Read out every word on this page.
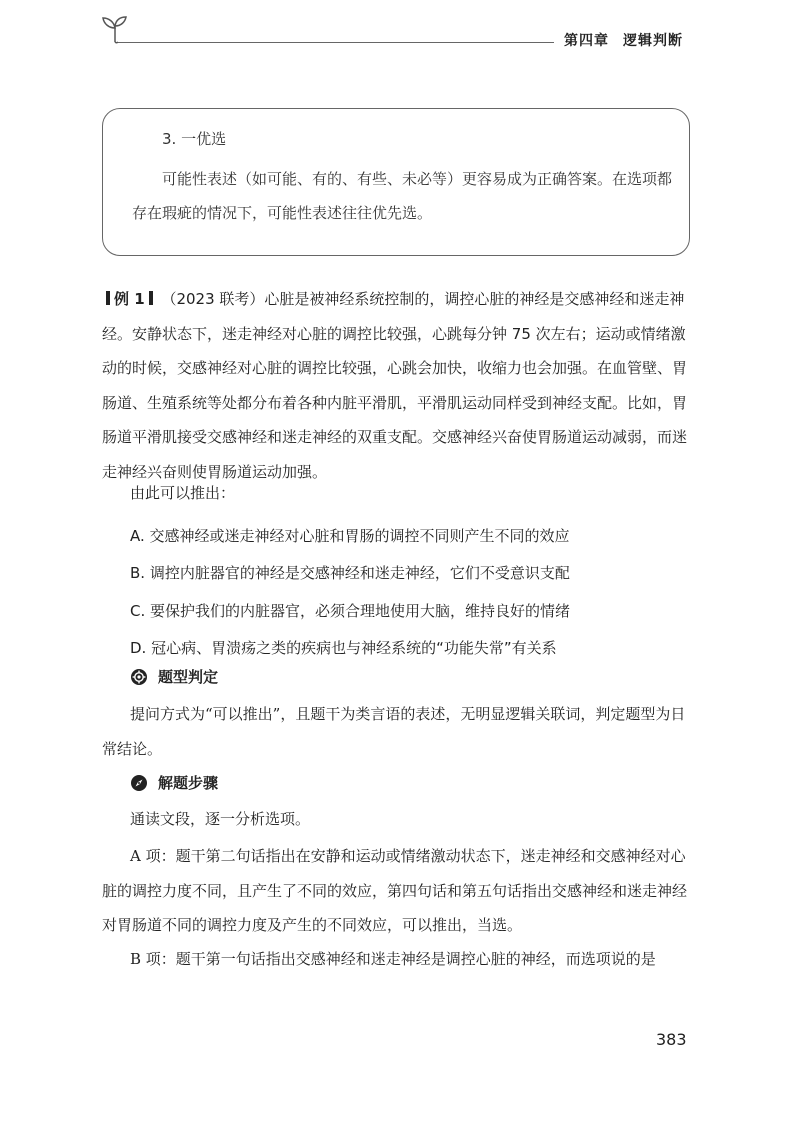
第四章 逻辑判断
3. 一优选

可能性表述（如可能、有的、有些、未必等）更容易成为正确答案。在选项都存在瑕疵的情况下，可能性表述往往优先选。

例 1 （2023 联考）心脏是被神经系统控制的，调控心脏的神经是交感神经和迷走神经。安静状态下，迷走神经对心脏的调控比较强，心跳每分钟 75 次左右；运动或情绪激动的时候，交感神经对心脏的调控比较强，心跳会加快，收缩力也会加强。在血管壁、胃肠道、生殖系统等处都分布着各种内脏平滑肌，平滑肌运动同样受到神经支配。比如，胃肠道平滑肌接受交感神经和迷走神经的双重支配。交感神经兴奋使胃肠道运动减弱，而迷走神经兴奋则使胃肠道运动加强。

由此可以推出：
A. 交感神经或迷走神经对心脏和胃肠的调控不同则产生不同的效应
B. 调控内脏器官的神经是交感神经和迷走神经，它们不受意识支配
C. 要保护我们的内脏器官，必须合理地使用大脑，维持良好的情绪
D. 冠心病、胃溃疡之类的疾病也与神经系统的“功能失常”有关系
题型判定

提问方式为“可以推出”，且题干为类言语的表述，无明显逻辑关联词，判定题型为日常结论。

解题步骤

通读文段，逐一分析选项。

A 项：题干第二句话指出在安静和运动或情绪激动状态下，迷走神经和交感神经对心脏的调控力度不同，且产生了不同的效应，第四句话和第五句话指出交感神经和迷走神经对胃肠道不同的调控力度及产生的不同效应，可以推出，当选。

B 项：题干第一句话指出交感神经和迷走神经是调控心脏的神经，而选项说的是

383
